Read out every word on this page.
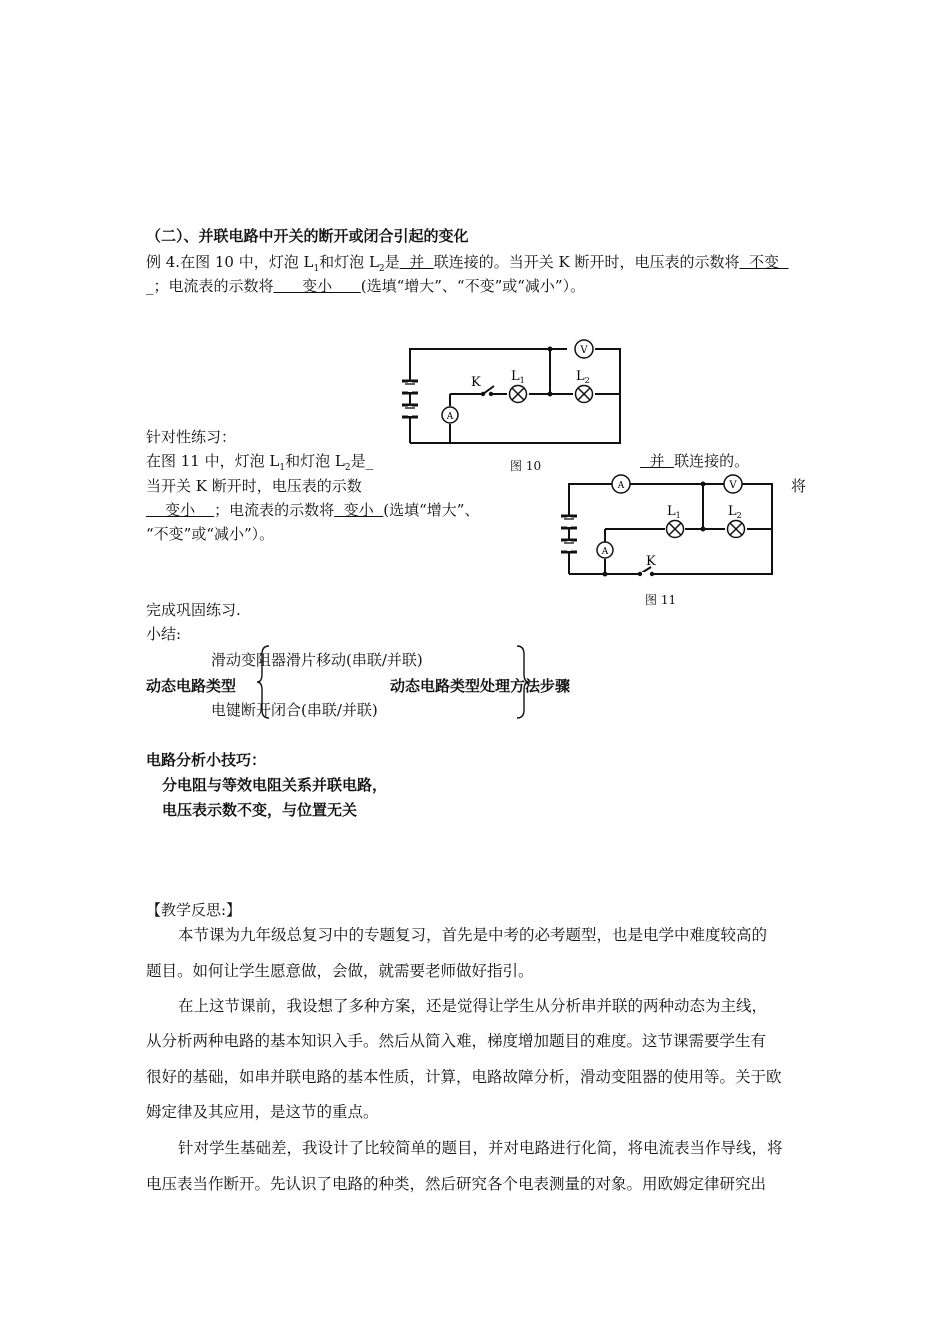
（二）、并联电路中开关的断开或闭合引起的变化
例 4.在图 10 中，灯泡 $L_1$和灯泡 $L_2$是  并  联连接的。当开关 K 断开时，电压表的示数将  不变
_；电流表的示数将      变小      (选填“增大”、“不变”或“减小”）。
V
A
K $L_1$	$L_2$
图 10
针对性练习：
在图 11 中，灯泡 $L_1$和灯泡 $L_2$是_	并  联连接的。
当开关 K 断开时，电压表的示数	将
变小    ；电流表的示数将  变小  (选填“增大”、
“不变”或“减小”）。
V
A
A
K
$L_1$	$L_2$
图 11
完成巩固练习.
小结:
滑动变阻器滑片移动(串联/并联)
动态电路类型	动态电路类型处理方法步骤
电键断开闭合(串联/并联)
电路分析小技巧：
分电阻与等效电阻关系并联电路，
电压表示数不变，与位置无关
【教学反思:】
本节课为九年级总复习中的专题复习，首先是中考的必考题型，也是电学中难度较高的
题目。如何让学生愿意做，会做，就需要老师做好指引。
在上这节课前，我设想了多种方案，还是觉得让学生从分析串并联的两种动态为主线，
从分析两种电路的基本知识入手。然后从简入难，梯度增加题目的难度。这节课需要学生有
很好的基础，如串并联电路的基本性质，计算，电路故障分析，滑动变阻器的使用等。关于欧
姆定律及其应用，是这节的重点。
针对学生基础差，我设计了比较简单的题目，并对电路进行化简，将电流表当作导线，将
电压表当作断开。先认识了电路的种类，然后研究各个电表测量的对象。用欧姆定律研究出
